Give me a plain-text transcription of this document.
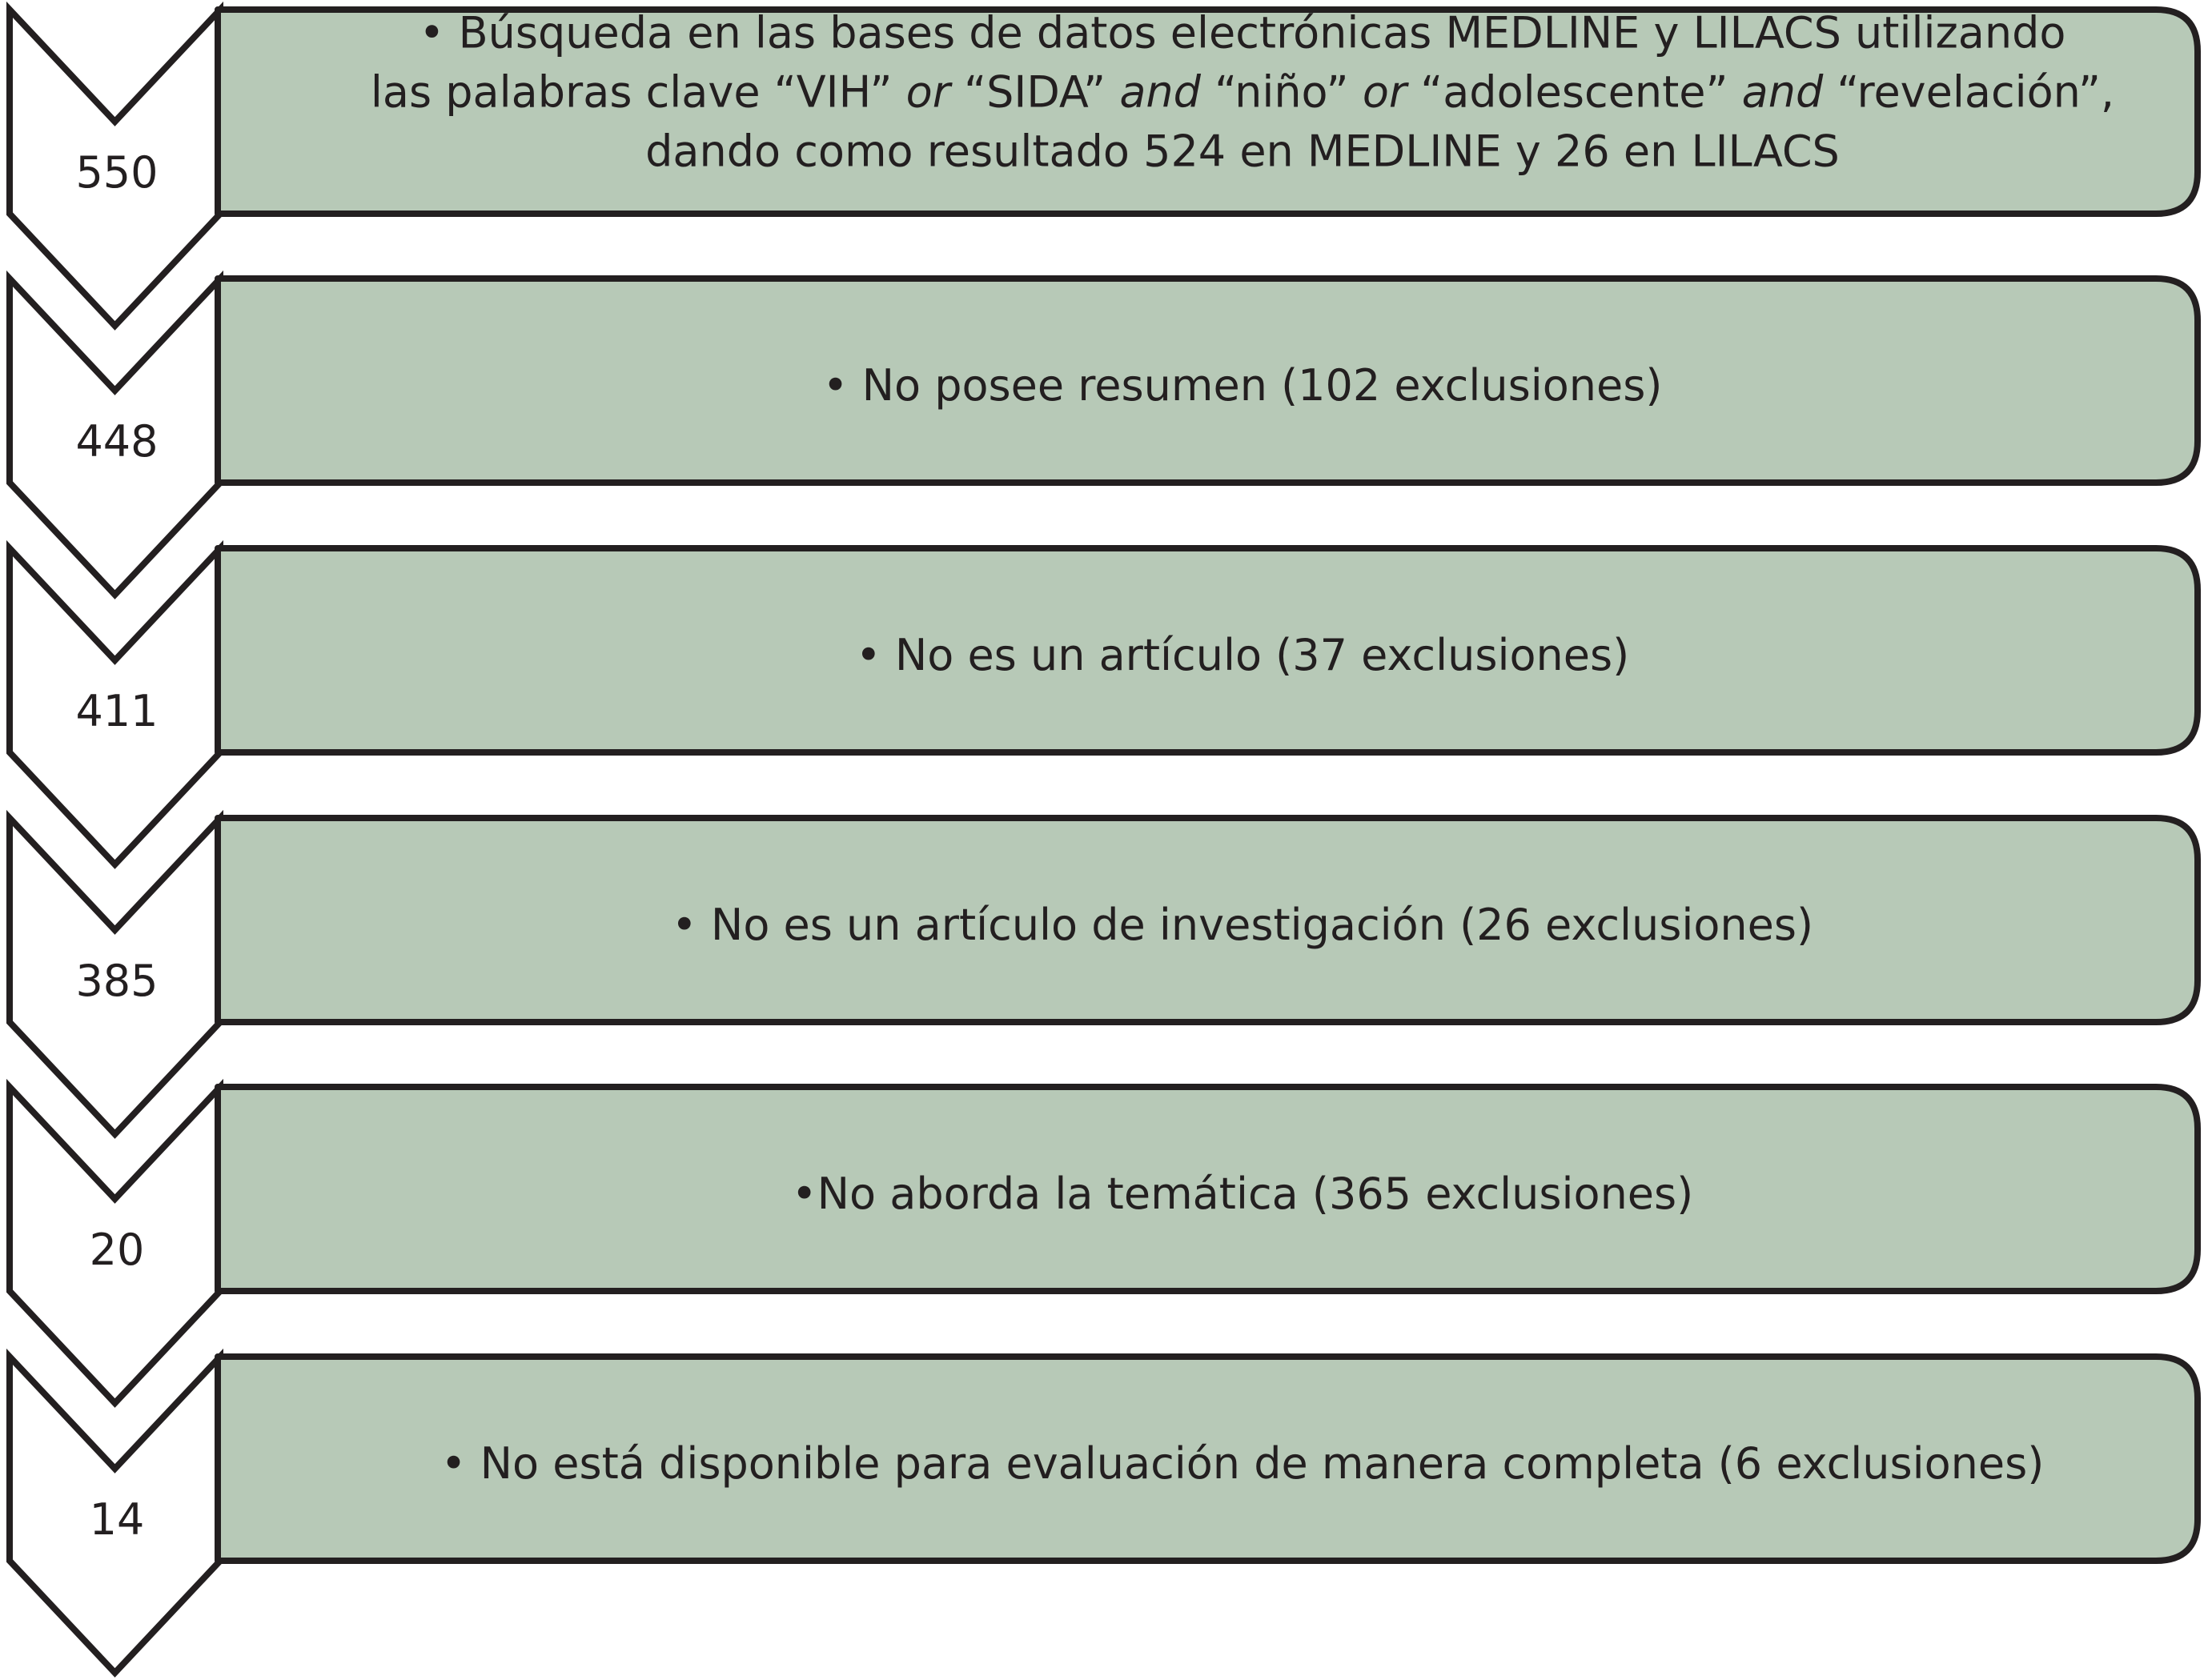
550
• Búsqueda en las bases de datos electrónicas MEDLINE y LILACS utilizando
las palabras clave “VIH” or “SIDA” and “niño” or “adolescente” and “revelación”,
dando como resultado 524 en MEDLINE y 26 en LILACS
448
• No posee resumen (102 exclusiones)
411
• No es un artículo (37 exclusiones)
385
• No es un artículo de investigación (26 exclusiones)
20
•No aborda la temática (365 exclusiones)
14
• No está disponible para evaluación de manera completa (6 exclusiones)
